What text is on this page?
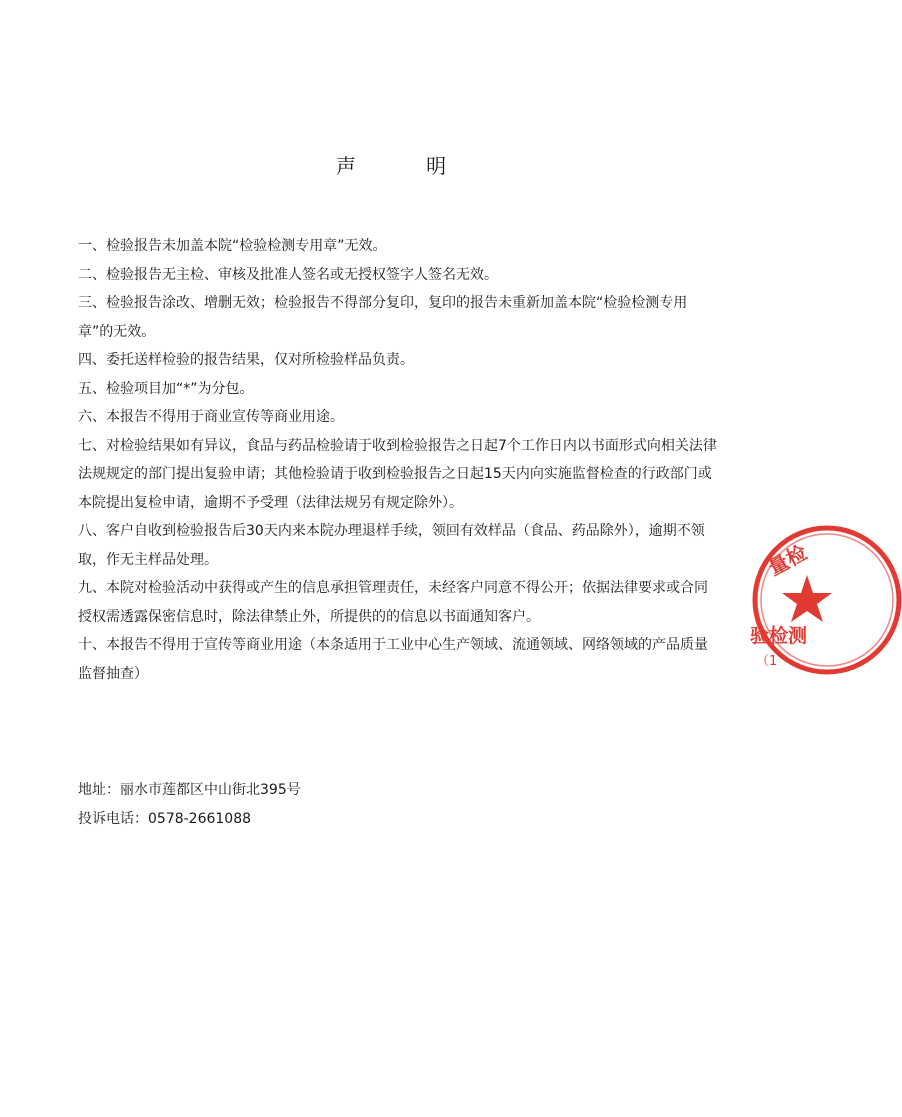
声 明
一、检验报告未加盖本院“检验检测专用章”无效。
二、检验报告无主检、审核及批准人签名或无授权签字人签名无效。
三、检验报告涂改、增删无效；检验报告不得部分复印，复印的报告未重新加盖本院“检验检测专用章”的无效。
四、委托送样检验的报告结果，仅对所检验样品负责。
五、检验项目加“*”为分包。
六、本报告不得用于商业宣传等商业用途。
七、对检验结果如有异议，食品与药品检验请于收到检验报告之日起7个工作日内以书面形式向相关法律法规规定的部门提出复验申请；其他检验请于收到检验报告之日起15天内向实施监督检查的行政部门或本院提出复检申请，逾期不予受理（法律法规另有规定除外）。
八、客户自收到检验报告后30天内来本院办理退样手续，领回有效样品（食品、药品除外），逾期不领取，作无主样品处理。
九、本院对检验活动中获得或产生的信息承担管理责任，未经客户同意不得公开；依据法律要求或合同授权需透露保密信息时，除法律禁止外，所提供的的信息以书面通知客户。
十、本报告不得用于宣传等商业用途（本条适用于工业中心生产领域、流通领域、网络领域的产品质量监督抽查）
地址：丽水市莲都区中山街北395号
投诉电话：0578-2661088
量检
验检测
（1
